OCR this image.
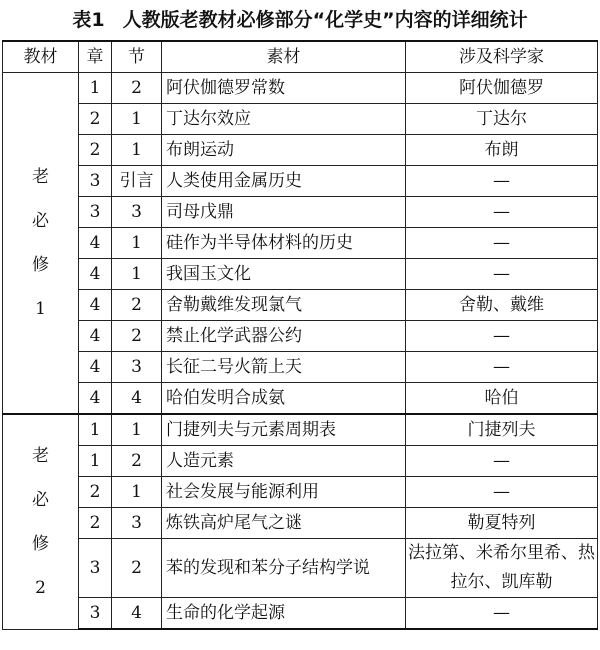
表1 人教版老教材必修部分“化学史”内容的详细统计
教材	章	节	素材	涉及科学家

老
必
修
1	1	2	阿伏伽德罗常数	阿伏伽德罗
	2	1	丁达尔效应	丁达尔
	2	1	布朗运动	布朗
	3	引言	人类使用金属历史	—
	3	3	司母戊鼎	—
	4	1	硅作为半导体材料的历史	—
	4	1	我国玉文化	—
	4	2	舍勒戴维发现氯气	舍勒、戴维
	4	2	禁止化学武器公约	—
	4	3	长征二号火箭上天	—
	4	4	哈伯发明合成氨	哈伯

老
必
修
2	1	1	门捷列夫与元素周期表	门捷列夫
	1	2	人造元素	—
	2	1	社会发展与能源利用	—
	2	3	炼铁高炉尾气之谜	勒夏特列
	3	2	苯的发现和苯分子结构学说	法拉第、米希尔里希、热拉尔、凯库勒
	3	4	生命的化学起源	—
